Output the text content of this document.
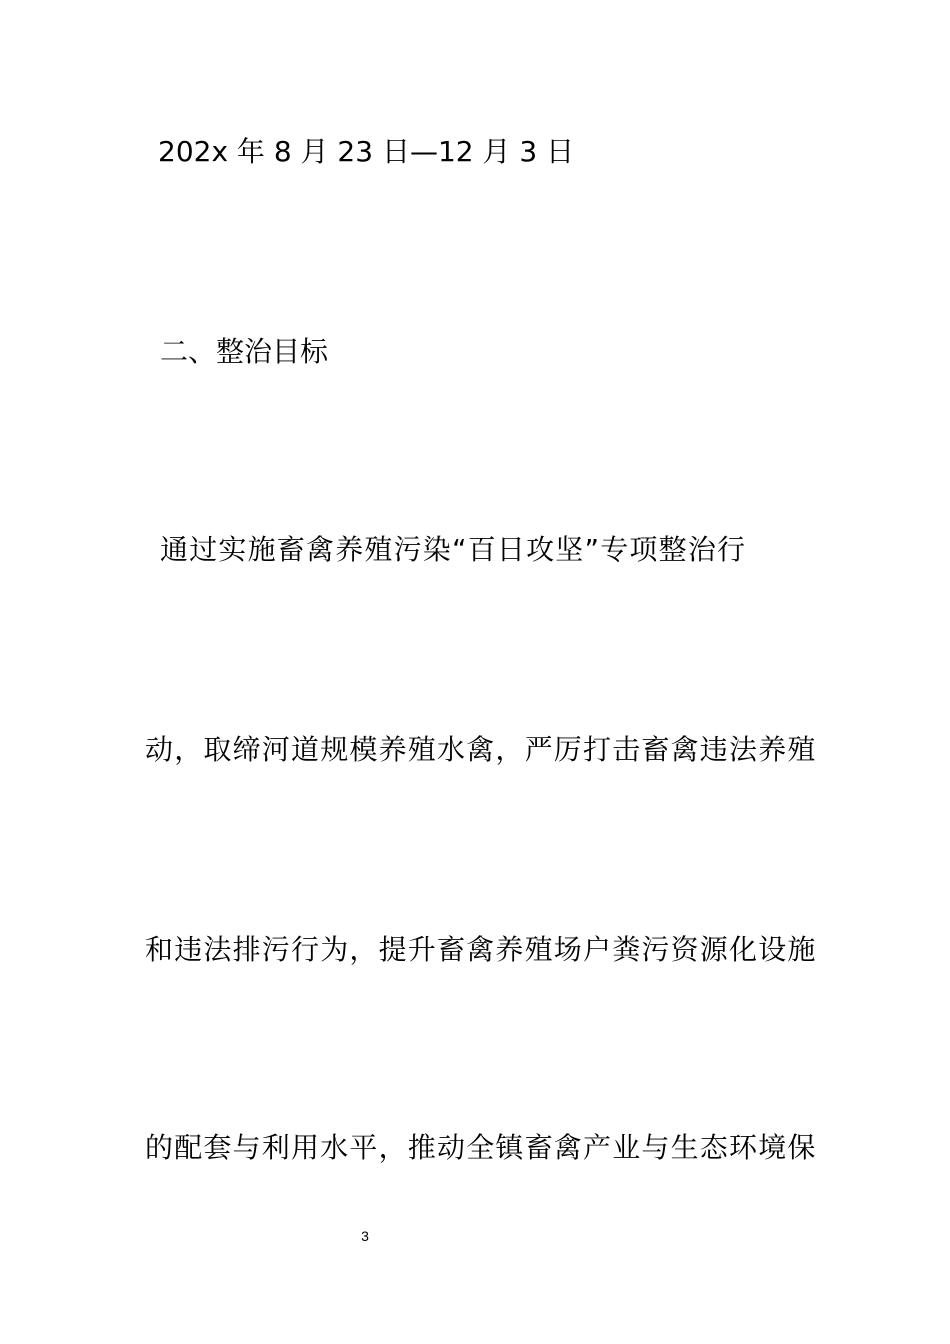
202x 年 8 月 23 日—12 月 3 日
二、整治目标
通过实施畜禽养殖污染“百日攻坚”专项整治行
动，取缔河道规模养殖水禽，严厉打击畜禽违法养殖
和违法排污行为，提升畜禽养殖场户粪污资源化设施
的配套与利用水平，推动全镇畜禽产业与生态环境保
3
